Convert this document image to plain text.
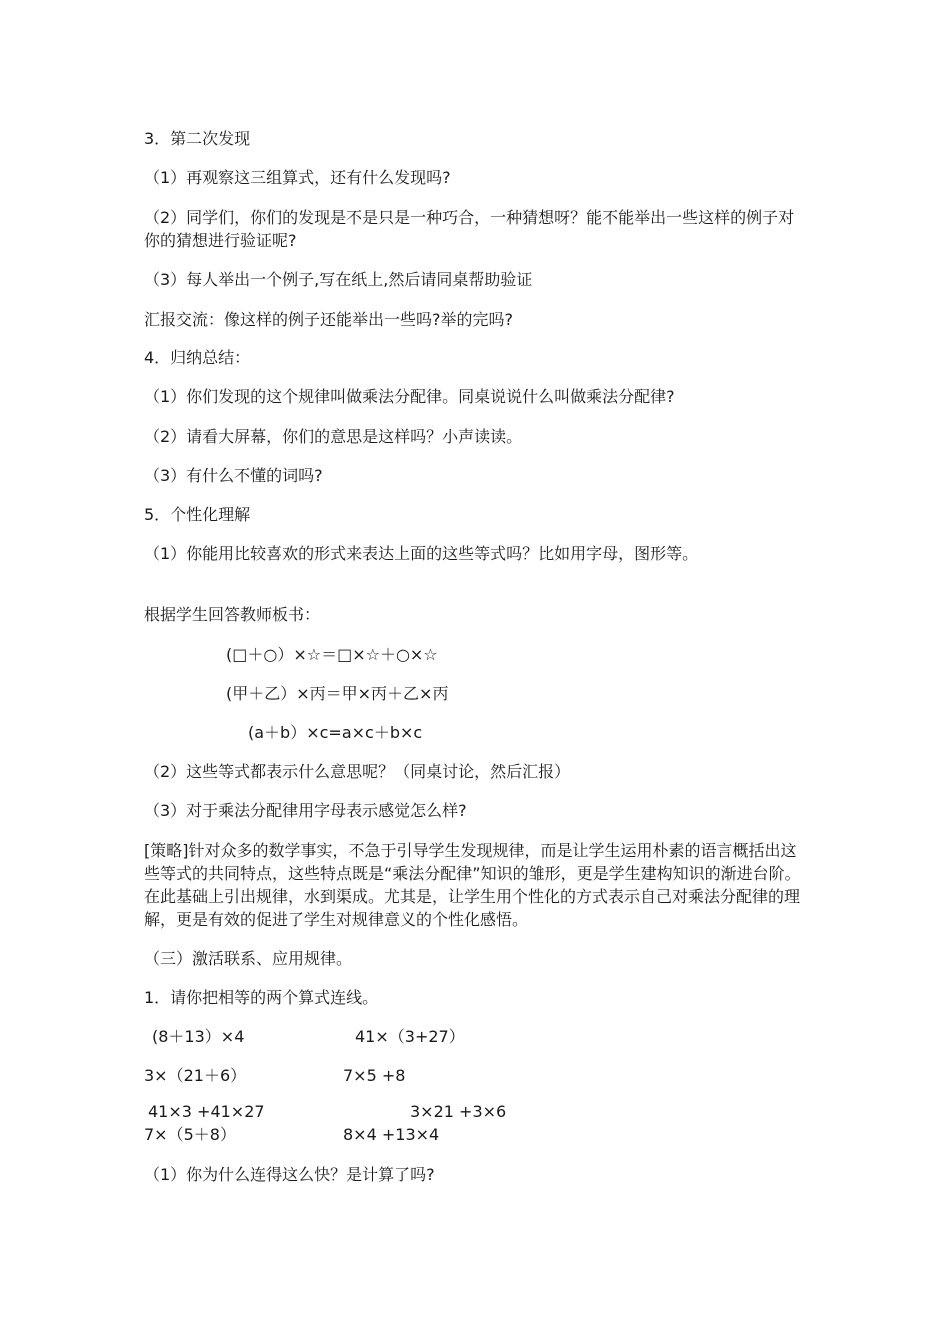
3．第二次发现

（1）再观察这三组算式，还有什么发现吗?

（2）同学们，你们的发现是不是只是一种巧合，一种猜想呀？能不能举出一些这样的例子对你的猜想进行验证呢?

（3）每人举出一个例子,写在纸上,然后请同桌帮助验证

汇报交流：像这样的例子还能举出一些吗?举的完吗?

4．归纳总结：

（1）你们发现的这个规律叫做乘法分配律。同桌说说什么叫做乘法分配律?

（2）请看大屏幕，你们的意思是这样吗？小声读读。

（3）有什么不懂的词吗?

5．个性化理解

（1）你能用比较喜欢的形式来表达上面的这些等式吗？比如用字母，图形等。

根据学生回答教师板书：

(□＋○）×☆＝□×☆＋○×☆

(甲＋乙）×丙＝甲×丙＋乙×丙

(a＋b）×c=a×c＋b×c

（2）这些等式都表示什么意思呢？（同桌讨论，然后汇报）

（3）对于乘法分配律用字母表示感觉怎么样?

[策略]针对众多的数学事实，不急于引导学生发现规律，而是让学生运用朴素的语言概括出这些等式的共同特点，这些特点既是“乘法分配律”知识的雏形，更是学生建构知识的渐进台阶。在此基础上引出规律，水到渠成。尤其是，让学生用个性化的方式表示自己对乘法分配律的理解，更是有效的促进了学生对规律意义的个性化感悟。

（三）激活联系、应用规律。

1．请你把相等的两个算式连线。

(8＋13）×4	41×（3+27）

3×（21＋6）	7×5 +8

41×3 +41×27	3×21 +3×6

7×（5＋8）	8×4 +13×4

（1）你为什么连得这么快？是计算了吗?
